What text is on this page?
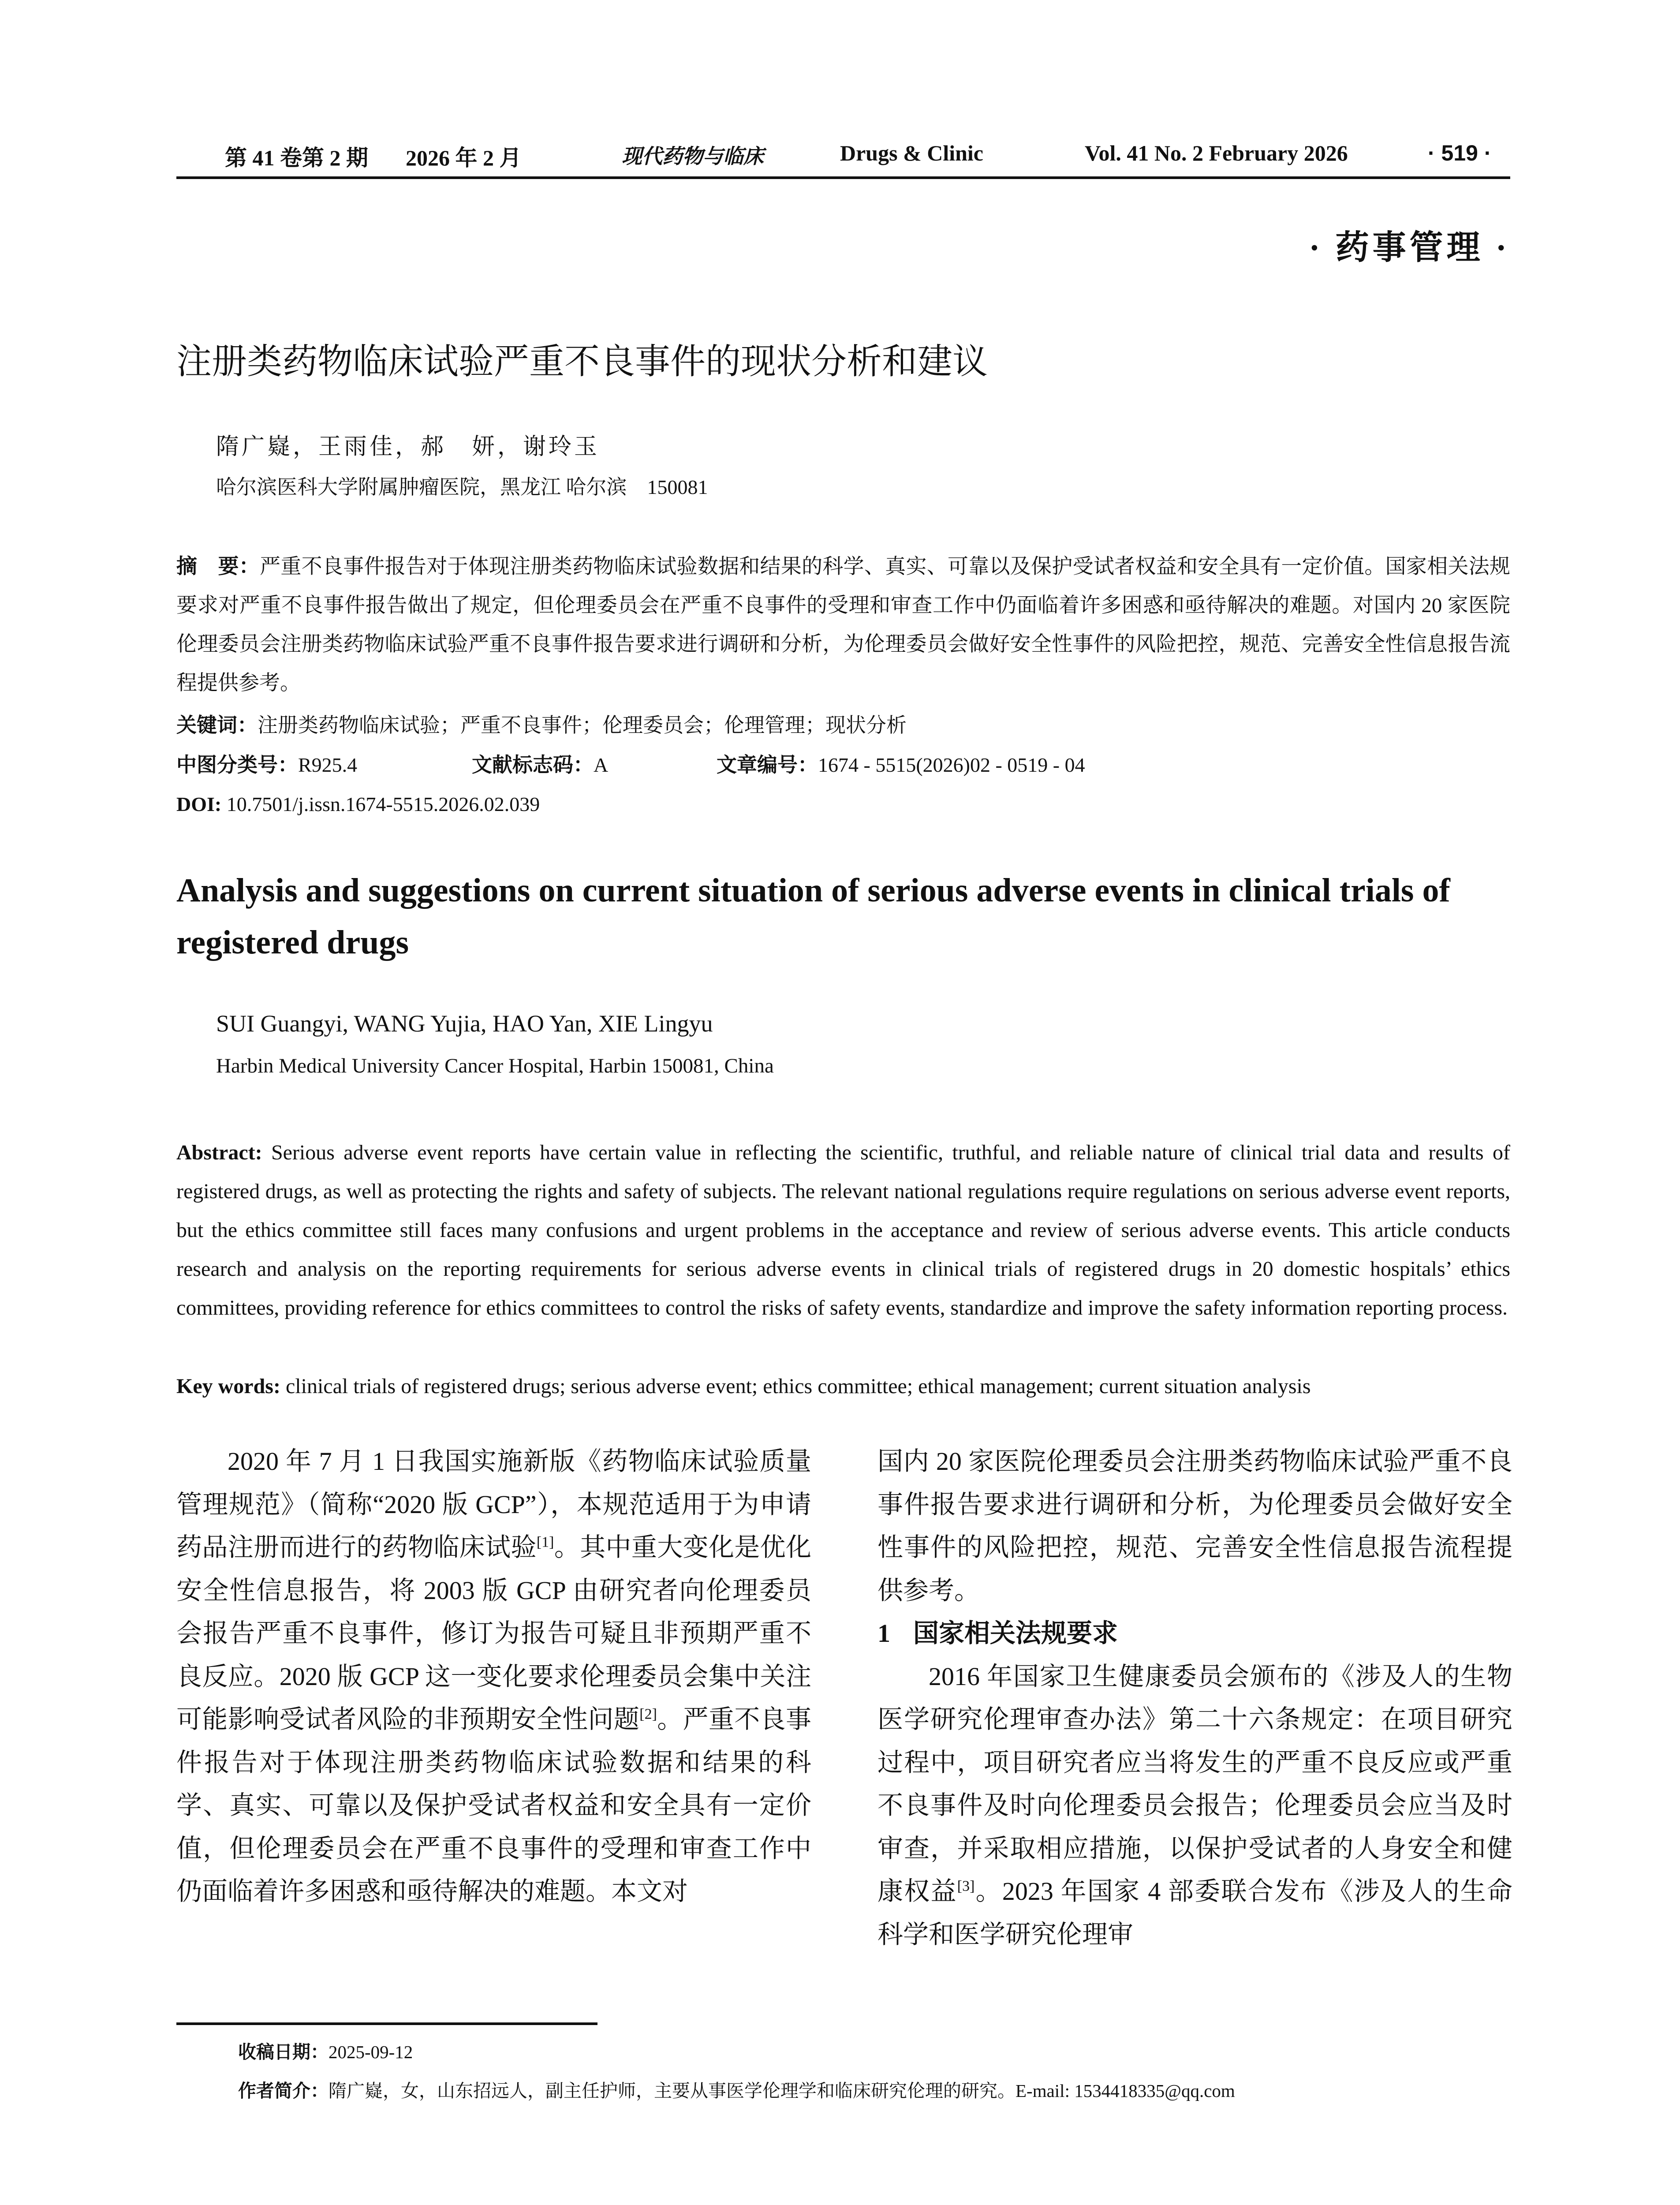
第 41 卷第 2 期 2026 年 2 月	现代药物与临床	Drugs & Clinic	Vol. 41 No. 2 February 2026	· 519 ·
· 药事管理 ·
注册类药物临床试验严重不良事件的现状分析和建议
隋广嶷，王雨佳，郝　妍，谢玲玉
哈尔滨医科大学附属肿瘤医院，黑龙江 哈尔滨　150081
摘　要：严重不良事件报告对于体现注册类药物临床试验数据和结果的科学、真实、可靠以及保护受试者权益和安全具有一定价值。国家相关法规要求对严重不良事件报告做出了规定，但伦理委员会在严重不良事件的受理和审查工作中仍面临着许多困惑和亟待解决的难题。对国内 20 家医院伦理委员会注册类药物临床试验严重不良事件报告要求进行调研和分析，为伦理委员会做好安全性事件的风险把控，规范、完善安全性信息报告流程提供参考。
关键词：注册类药物临床试验；严重不良事件；伦理委员会；伦理管理；现状分析
中图分类号：R925.4	文献标志码：A	文章编号：1674 - 5515(2026)02 - 0519 - 04
DOI: 10.7501/j.issn.1674-5515.2026.02.039
Analysis and suggestions on current situation of serious adverse events in clinical trials of registered drugs
SUI Guangyi, WANG Yujia, HAO Yan, XIE Lingyu
Harbin Medical University Cancer Hospital, Harbin 150081, China
Abstract: Serious adverse event reports have certain value in reflecting the scientific, truthful, and reliable nature of clinical trial data and results of registered drugs, as well as protecting the rights and safety of subjects. The relevant national regulations require regulations on serious adverse event reports, but the ethics committee still faces many confusions and urgent problems in the acceptance and review of serious adverse events. This article conducts research and analysis on the reporting requirements for serious adverse events in clinical trials of registered drugs in 20 domestic hospitals’ ethics committees, providing reference for ethics committees to control the risks of safety events, standardize and improve the safety information reporting process.
Key words: clinical trials of registered drugs; serious adverse event; ethics committee; ethical management; current situation analysis

2020 年 7 月 1 日我国实施新版《药物临床试验质量管理规范》（简称“2020 版 GCP”），本规范适用于为申请药品注册而进行的药物临床试验[1]。其中重大变化是优化安全性信息报告，将 2003 版 GCP 由研究者向伦理委员会报告严重不良事件，修订为报告可疑且非预期严重不良反应。2020 版 GCP 这一变化要求伦理委员会集中关注可能影响受试者风险的非预期安全性问题[2]。严重不良事件报告对于体现注册类药物临床试验数据和结果的科学、真实、可靠以及保护受试者权益和安全具有一定价值，但伦理委员会在严重不良事件的受理和审查工作中仍面临着许多困惑和亟待解决的难题。本文对

国内 20 家医院伦理委员会注册类药物临床试验严重不良事件报告要求进行调研和分析，为伦理委员会做好安全性事件的风险把控，规范、完善安全性信息报告流程提供参考。

1 国家相关法规要求

2016 年国家卫生健康委员会颁布的《涉及人的生物医学研究伦理审查办法》第二十六条规定：在项目研究过程中，项目研究者应当将发生的严重不良反应或严重不良事件及时向伦理委员会报告；伦理委员会应当及时审查，并采取相应措施，以保护受试者的人身安全和健康权益[3]。2023 年国家 4 部委联合发布《涉及人的生命科学和医学研究伦理审

收稿日期：2025-09-12
作者简介：隋广嶷，女，山东招远人，副主任护师，主要从事医学伦理学和临床研究伦理的研究。E-mail: 1534418335@qq.com
